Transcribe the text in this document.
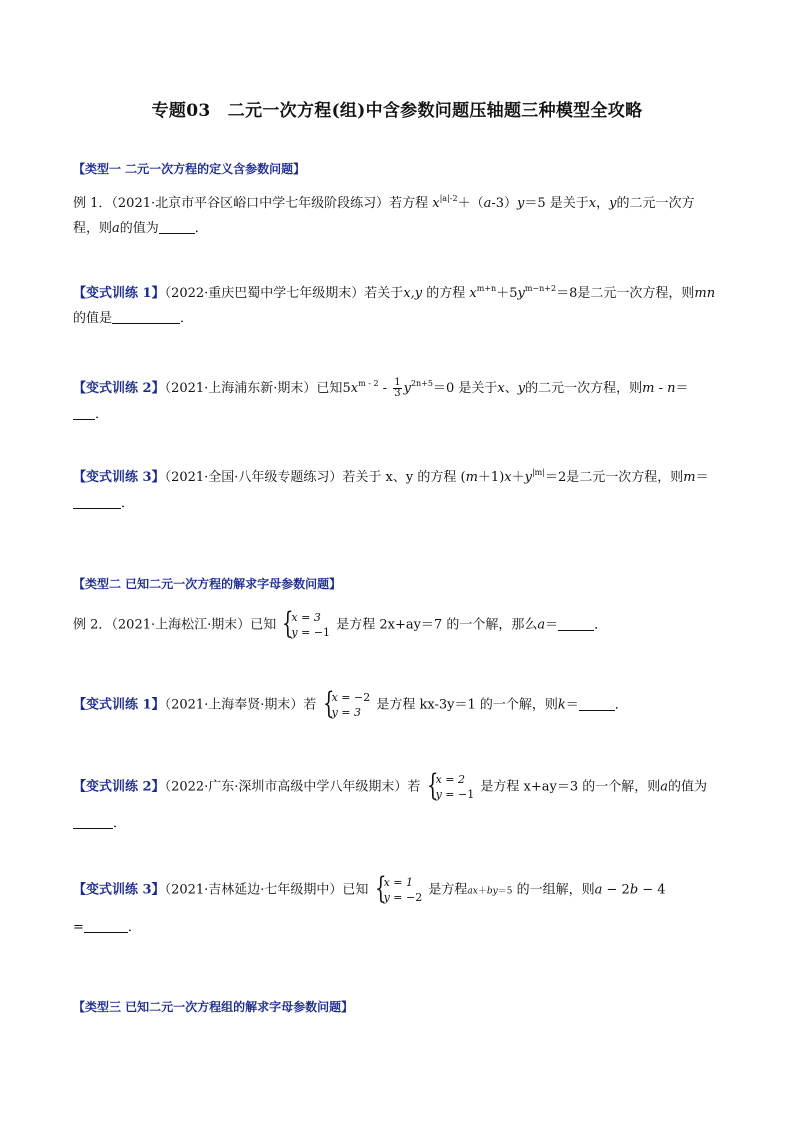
专题03　二元一次方程(组)中含参数问题压轴题三种模型全攻略
【类型一 二元一次方程的定义含参数问题】
例 1．（2021·北京市平谷区峪口中学七年级阶段练习）若方程 $x^{|a|-2}+(a-3)y=5$ 是关于x，y的二元一次方
程，则a的值为	．
【变式训练 1】（2022·重庆巴蜀中学七年级期末）若关于x,y 的方程 $x^{m+n}+5y^{m-n+2}=8$是二元一次方程，则mn
的值是	．
【变式训练 2】（2021·上海浦东新·期末）已知$5x^{m - 2} - \frac{1}{3} y^{2n+5}=0$ 是关于x、y的二元一次方程，则m - n＝
．
【变式训练 3】（2021·全国·八年级专题练习）若关于 x、y 的方程 $(m+1)x+y^{|m|}=2$是二元一次方程，则m＝
．
【类型二 已知二元一次方程的解求字母参数问题】
例 2．（2021·上海松江·期末）已知 {
x = 3
y = −1 是方程 2x+ay＝7 的一个解，那么a＝	．
【变式训练 1】（2021·上海奉贤·期末）若 {
x = −2
y = 3	是方程 kx-3y＝1 的一个解，则k＝	．
【变式训练 2】（2022·广东·深圳市高级中学八年级期末）若 {
x = 2
y = −1 是方程 x+ay＝3 的一个解，则a的值为
．
【变式训练 3】（2021·吉林延边·七年级期中）已知 {
x = 1
y = −2 是方程ax＋by＝5 的一组解，则a − 2b − 4
=	．
【类型三 已知二元一次方程组的解求字母参数问题】
